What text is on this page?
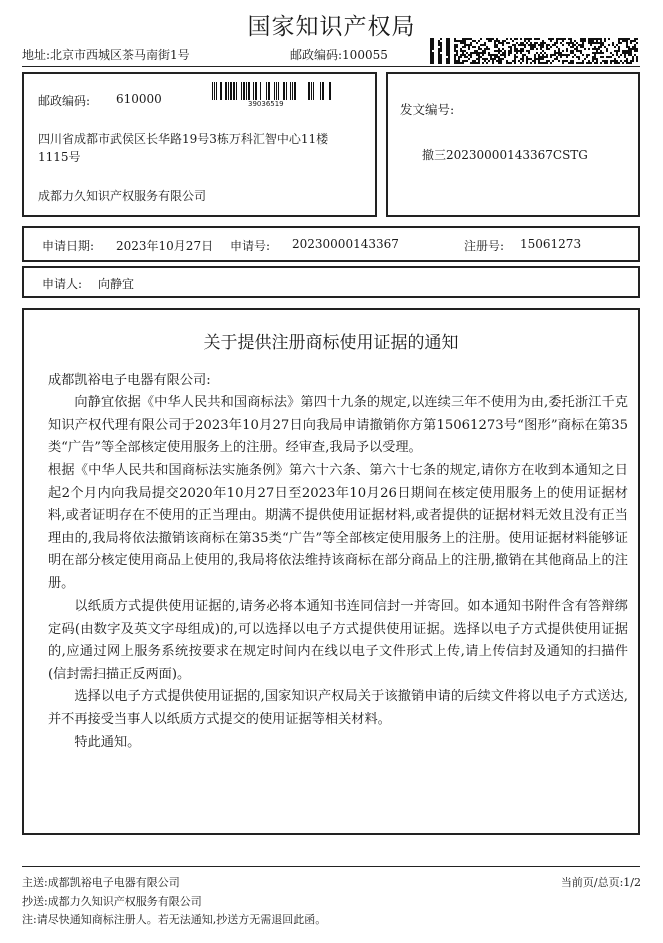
国家知识产权局
地址:北京市西城区茶马南街1号	邮政编码:100055
邮政编码: 610000	39036519
四川省成都市武侯区长华路19号3栋万科汇智中心11楼
1115号
成都力久知识产权服务有限公司
发文编号:
撤三20230000143367CSTG
申请日期: 2023年10月27日 申请号: 20230000143367	注册号: 15061273
申请人: 向静宜
关于提供注册商标使用证据的通知
成都凯裕电子电器有限公司:
向静宜依据《中华人民共和国商标法》第四十九条的规定,以连续三年不使用为由,委托浙江千克知识产权代理有限公司于2023年10月27日向我局申请撤销你方第15061273号“图形”商标在第35类“广告”等全部核定使用服务上的注册。经审查,我局予以受理。
根据《中华人民共和国商标法实施条例》第六十六条、第六十七条的规定,请你方在收到本通知之日起2个月内向我局提交2020年10月27日至2023年10月26日期间在核定使用服务上的使用证据材料,或者证明存在不使用的正当理由。期满不提供使用证据材料,或者提供的证据材料无效且没有正当理由的,我局将依法撤销该商标在第35类“广告”等全部核定使用服务上的注册。使用证据材料能够证明在部分核定使用商品上使用的,我局将依法维持该商标在部分商品上的注册,撤销在其他商品上的注册。
以纸质方式提供使用证据的,请务必将本通知书连同信封一并寄回。如本通知书附件含有答辩绑定码(由数字及英文字母组成)的,可以选择以电子方式提供使用证据。选择以电子方式提供使用证据的,应通过网上服务系统按要求在规定时间内在线以电子文件形式上传,请上传信封及通知的扫描件(信封需扫描正反两面)。
选择以电子方式提供使用证据的,国家知识产权局关于该撤销申请的后续文件将以电子方式送达,并不再接受当事人以纸质方式提交的使用证据等相关材料。
特此通知。
主送:成都凯裕电子电器有限公司	当前页/总页:1/2
抄送:成都力久知识产权服务有限公司
注:请尽快通知商标注册人。若无法通知,抄送方无需退回此函。
